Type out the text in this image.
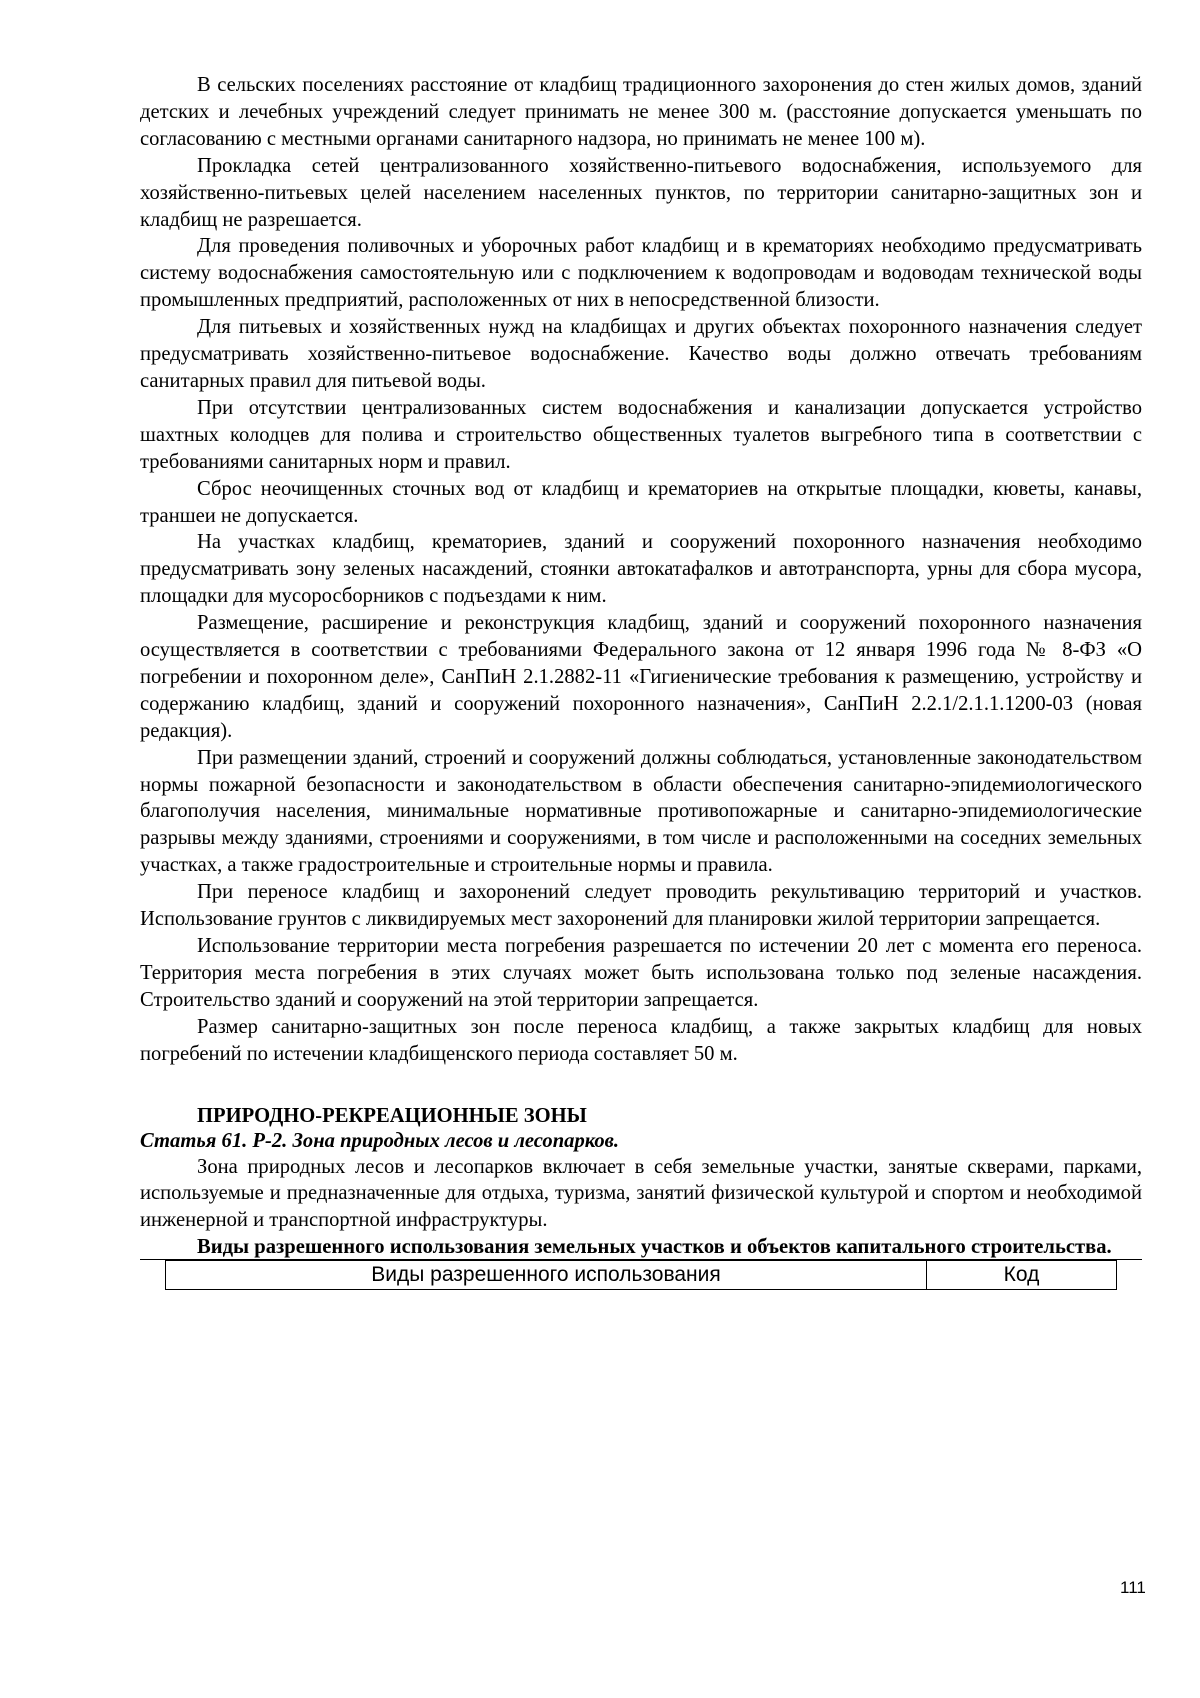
В сельских поселениях расстояние от кладбищ традиционного захоронения до стен жилых домов, зданий детских и лечебных учреждений следует принимать не менее 300 м. (расстояние допускается уменьшать по согласованию с местными органами санитарного надзора, но принимать не менее 100 м).

Прокладка сетей централизованного хозяйственно-питьевого водоснабжения, используемого для хозяйственно-питьевых целей населением населенных пунктов, по территории санитарно-защитных зон и кладбищ не разрешается.

Для проведения поливочных и уборочных работ кладбищ и в крематориях необходимо предусматривать систему водоснабжения самостоятельную или с подключением к водопроводам и водоводам технической воды промышленных предприятий, расположенных от них в непосредственной близости.

Для питьевых и хозяйственных нужд на кладбищах и других объектах похоронного назначения следует предусматривать хозяйственно-питьевое водоснабжение. Качество воды должно отвечать требованиям санитарных правил для питьевой воды.

При отсутствии централизованных систем водоснабжения и канализации допускается устройство шахтных колодцев для полива и строительство общественных туалетов выгребного типа в соответствии с требованиями санитарных норм и правил.

Сброс неочищенных сточных вод от кладбищ и крематориев на открытые площадки, кюветы, канавы, траншеи не допускается.

На участках кладбищ, крематориев, зданий и сооружений похоронного назначения необходимо предусматривать зону зеленых насаждений, стоянки автокатафалков и автотранспорта, урны для сбора мусора, площадки для мусоросборников с подъездами к ним.

Размещение, расширение и реконструкция кладбищ, зданий и сооружений похоронного назначения осуществляется в соответствии с требованиями Федерального закона от 12 января 1996 года № 8-ФЗ «О погребении и похоронном деле», СанПиН 2.1.2882-11 «Гигиенические требования к размещению, устройству и содержанию кладбищ, зданий и сооружений похоронного назначения», СанПиН 2.2.1/2.1.1.1200-03 (новая редакция).

При размещении зданий, строений и сооружений должны соблюдаться, установленные законодательством нормы пожарной безопасности и законодательством в области обеспечения санитарно-эпидемиологического благополучия населения, минимальные нормативные противопожарные и санитарно-эпидемиологические разрывы между зданиями, строениями и сооружениями, в том числе и расположенными на соседних земельных участках, а также градостроительные и строительные нормы и правила.

При переносе кладбищ и захоронений следует проводить рекультивацию территорий и участков. Использование грунтов с ликвидируемых мест захоронений для планировки жилой территории запрещается.

Использование территории места погребения разрешается по истечении 20 лет с момента его переноса. Территория места погребения в этих случаях может быть использована только под зеленые насаждения. Строительство зданий и сооружений на этой территории запрещается.

Размер санитарно-защитных зон после переноса кладбищ, а также закрытых кладбищ для новых погребений по истечении кладбищенского периода составляет 50 м.

ПРИРОДНО-РЕКРЕАЦИОННЫЕ ЗОНЫ
Статья 61. Р-2. Зона природных лесов и лесопарков.

Зона природных лесов и лесопарков включает в себя земельные участки, занятые скверами, парками, используемые и предназначенные для отдыха, туризма, занятий физической культурой и спортом и необходимой инженерной и транспортной инфраструктуры.

Виды разрешенного использования земельных участков и объектов капитального строительства.
Виды разрешенного использования	Код
111
